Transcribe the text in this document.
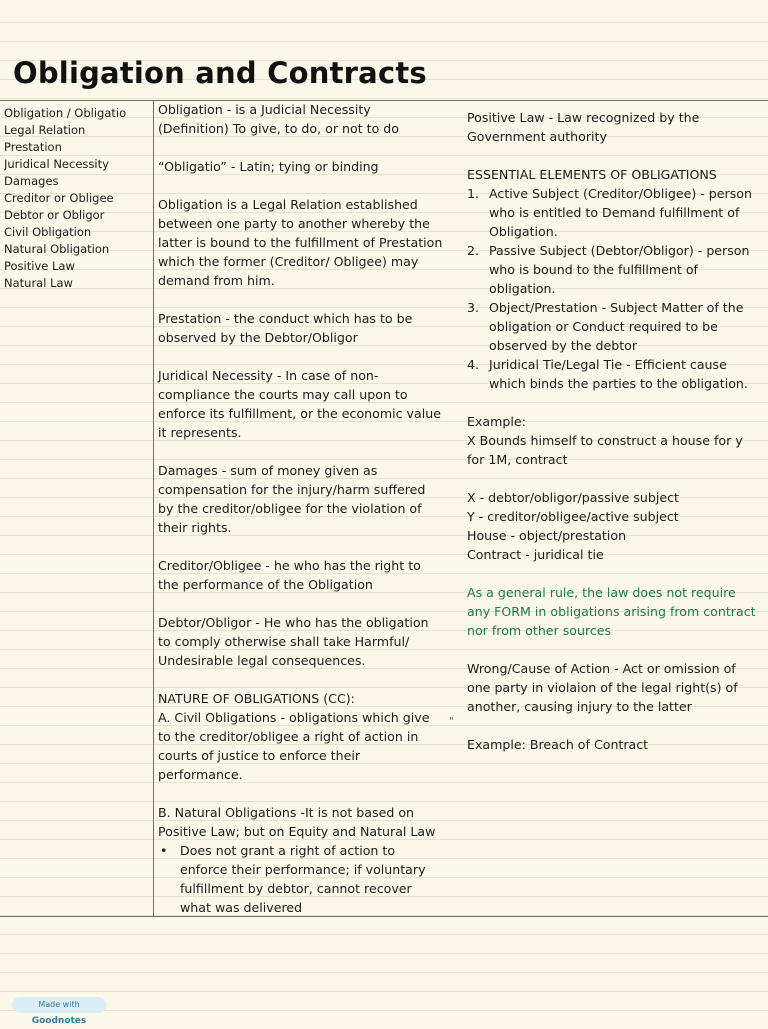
Obligation and Contracts
Obligation / Obligatio
Legal Relation
Prestation
Juridical Necessity
Damages
Creditor or Obligee
Debtor or Obligor
Civil Obligation
Natural Obligation
Positive Law
Natural Law

Obligation - is a Judicial Necessity (Definition) To give, to do, or not to do

“Obligatio” - Latin; tying or binding

Obligation is a Legal Relation established between one party to another whereby the latter is bound to the fulfillment of Prestation which the former (Creditor/ Obligee) may demand from him.

Prestation - the conduct which has to be observed by the Debtor/Obligor

Juridical Necessity - In case of non-compliance the courts may call upon to enforce its fulfillment, or the economic value it represents.

Damages - sum of money given as compensation for the injury/harm suffered by the creditor/obligee for the violation of their rights.

Creditor/Obligee - he who has the right to the performance of the Obligation

Debtor/Obligor - He who has the obligation to comply otherwise shall take Harmful/ Undesirable legal consequences.

NATURE OF OBLIGATIONS (CC):

A. Civil Obligations - obligations which give to the creditor/obligee a right of action in courts of justice to enforce their performance.

B. Natural Obligations -It is not based on Positive Law; but on Equity and Natural Law

• Does not grant a right of action to enforce their performance; if voluntary fulfillment by debtor, cannot recover what was delivered
"

Positive Law - Law recognized by the Government authority

ESSENTIAL ELEMENTS OF OBLIGATIONS

1. Active Subject (Creditor/Obligee) - person who is entitled to Demand fulfillment of Obligation.
2. Passive Subject (Debtor/Obligor) - person who is bound to the fulfillment of obligation.
3. Object/Prestation - Subject Matter of the obligation or Conduct required to be observed by the debtor
4. Juridical Tie/Legal Tie - Efficient cause which binds the parties to the obligation.

Example:

X Bounds himself to construct a house for y for 1M, contract

X - debtor/obligor/passive subject

Y - creditor/obligee/active subject

House - object/prestation

Contract - juridical tie

As a general rule, the law does not require any FORM in obligations arising from contract nor from other sources

Wrong/Cause of Action - Act or omission of one party in violaion of the legal right(s) of another, causing injury to the latter

Example: Breach of Contract

Made with Goodnotes
